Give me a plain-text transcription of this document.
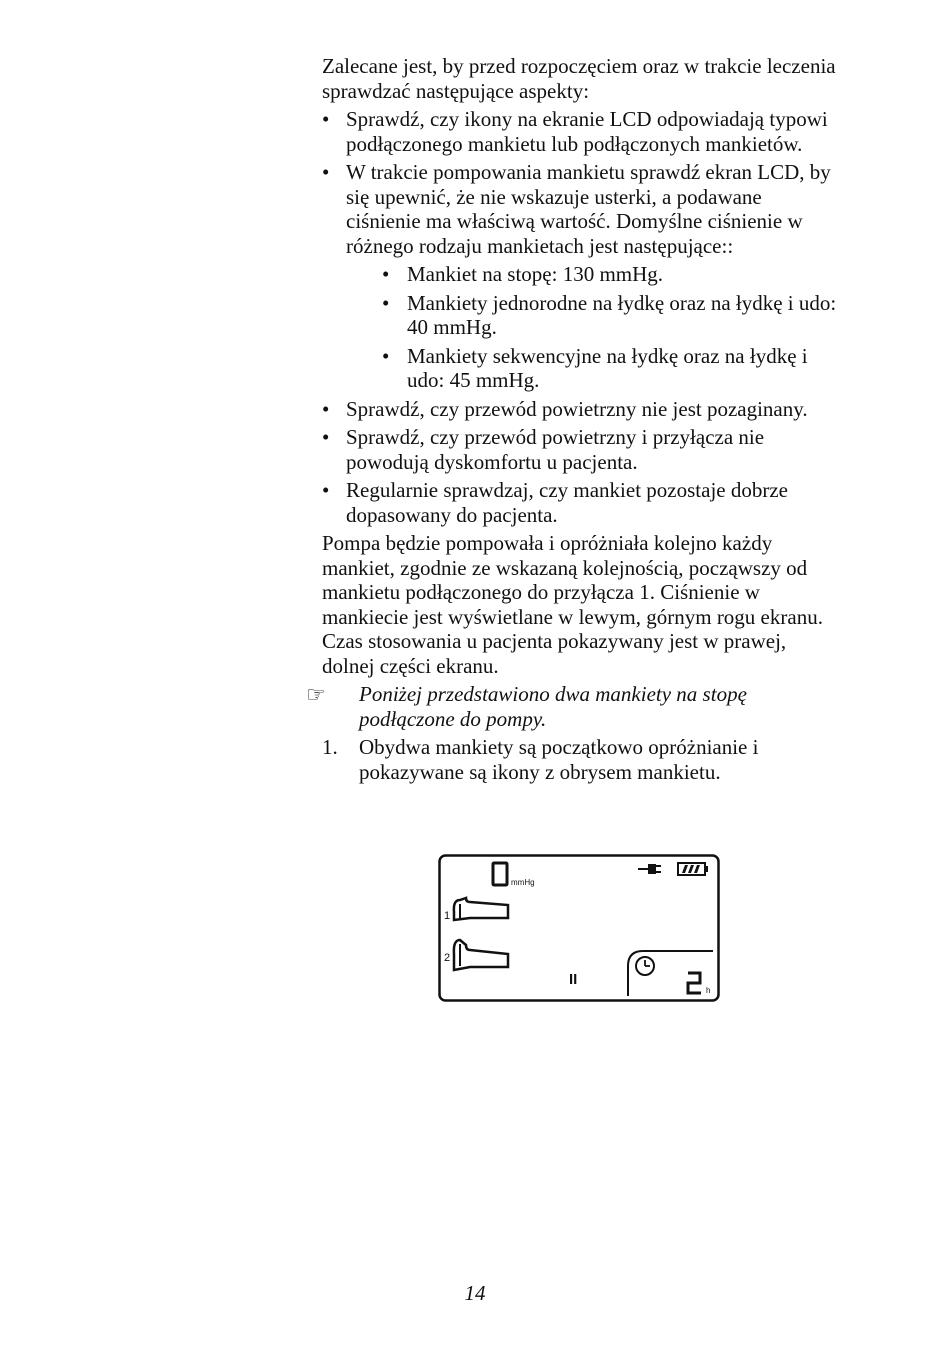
Zalecane jest, by przed rozpoczęciem oraz w trakcie leczenia sprawdzać następujące aspekty:

• Sprawdź, czy ikony na ekranie LCD odpowiadają typowi podłączonego mankietu lub podłączonych mankietów.
• W trakcie pompowania mankietu sprawdź ekran LCD, by się upewnić, że nie wskazuje usterki, a podawane ciśnienie ma właściwą wartość. Domyślne ciśnienie w różnego rodzaju mankietach jest następujące::
• Mankiet na stopę: 130 mmHg.
• Mankiety jednorodne na łydkę oraz na łydkę i udo: 40 mmHg.
• Mankiety sekwencyjne na łydkę oraz na łydkę i udo: 45 mmHg.
• Sprawdź, czy przewód powietrzny nie jest pozaginany.
• Sprawdź, czy przewód powietrzny i przyłącza nie powodują dyskomfortu u pacjenta.
• Regularnie sprawdzaj, czy mankiet pozostaje dobrze dopasowany do pacjenta.

Pompa będzie pompowała i opróżniała kolejno każdy mankiet, zgodnie ze wskazaną kolejnością, począwszy od mankietu podłączonego do przyłącza 1. Ciśnienie w mankiecie jest wyświetlane w lewym, górnym rogu ekranu. Czas stosowania u pacjenta pokazywany jest w prawej, dolnej części ekranu.

☞ Poniżej przedstawiono dwa mankiety na stopę podłączone do pompy.
1. Obydwa mankiety są początkowo opróżnianie i pokazywane są ikony z obrysem mankietu.
mmHg
1
2
II
h
14
